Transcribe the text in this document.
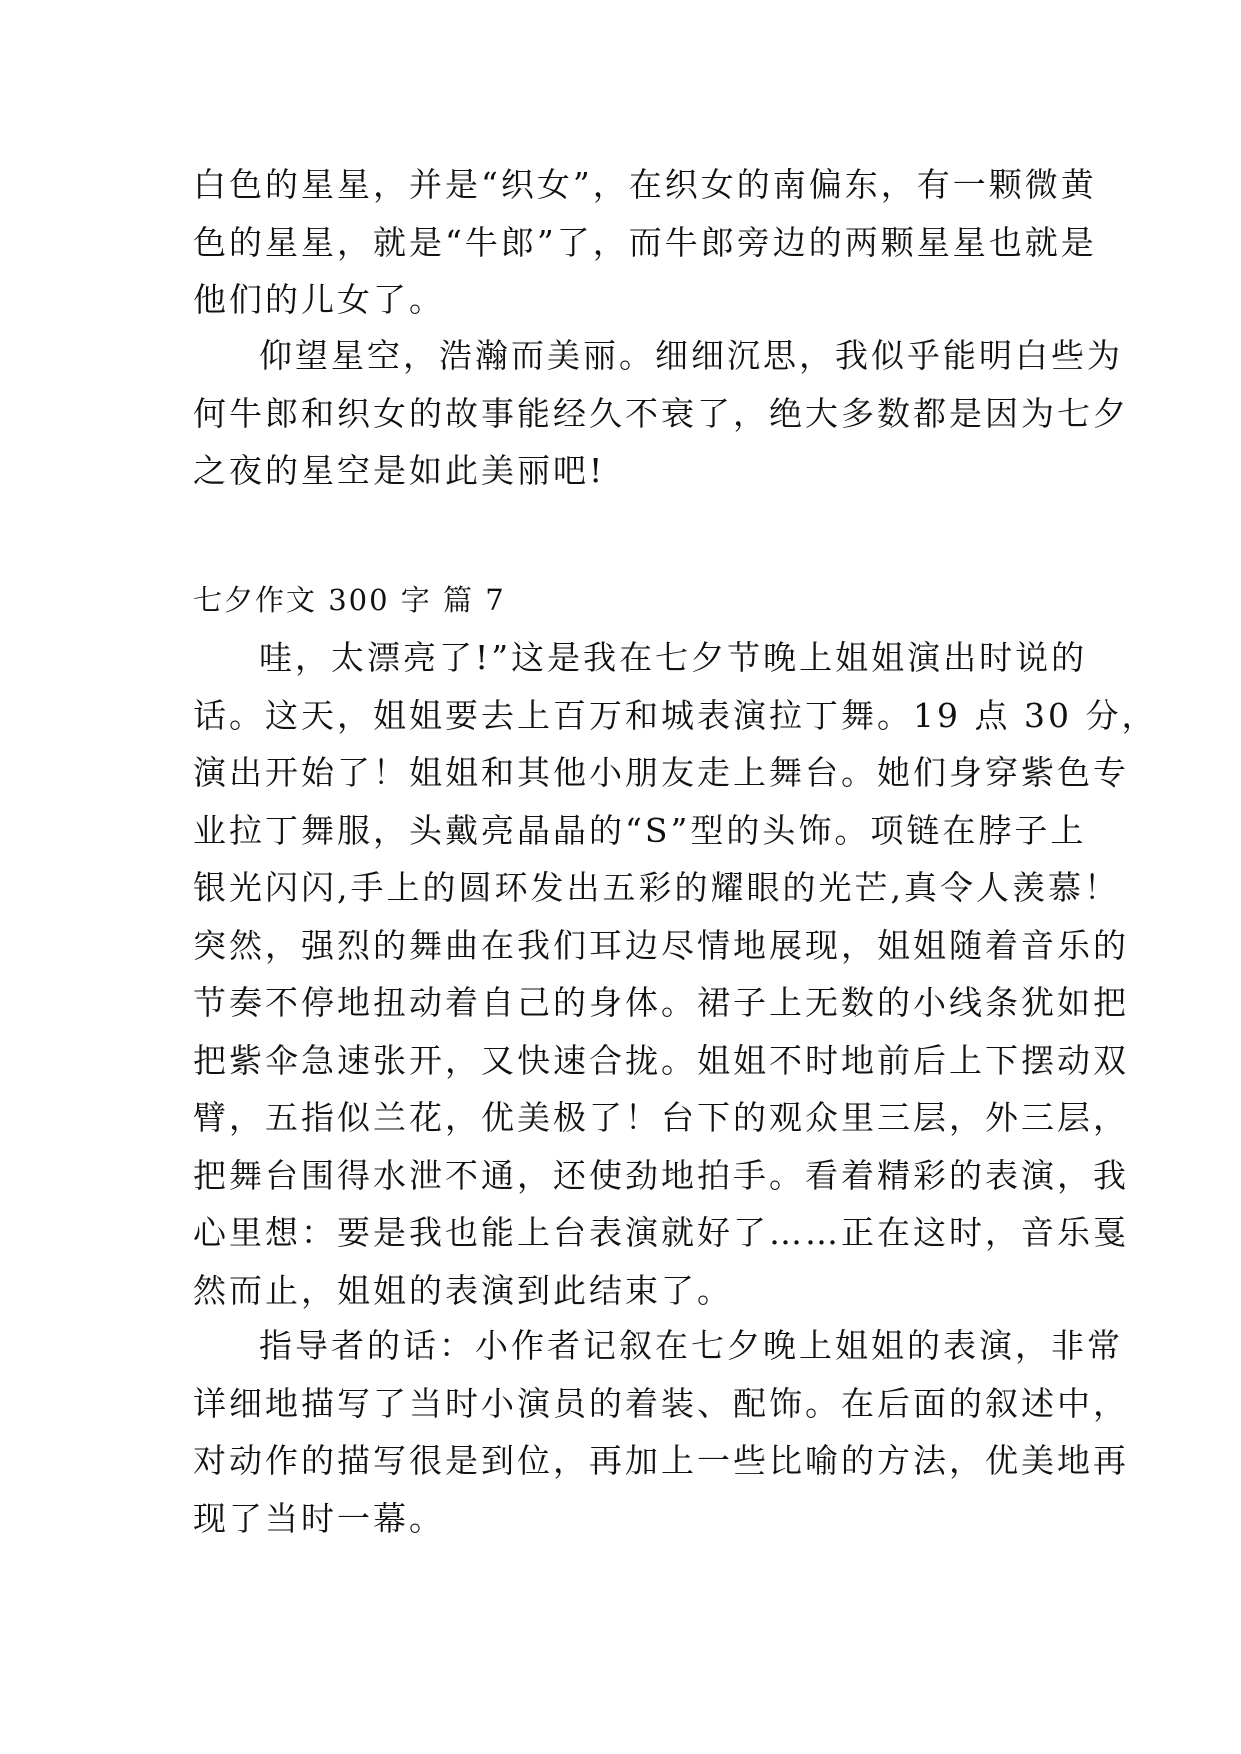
白色的星星，并是“织女”，在织女的南偏东，有一颗微黄
色的星星，就是“牛郎”了，而牛郎旁边的两颗星星也就是
他们的儿女了。
仰望星空，浩瀚而美丽。细细沉思，我似乎能明白些为
何牛郎和织女的故事能经久不衰了，绝大多数都是因为七夕
之夜的星空是如此美丽吧!
七夕作文 300 字 篇 7
哇，太漂亮了!”这是我在七夕节晚上姐姐演出时说的
话。这天，姐姐要去上百万和城表演拉丁舞。19 点 30 分，
演出开始了！姐姐和其他小朋友走上舞台。她们身穿紫色专
业拉丁舞服，头戴亮晶晶的“S”型的头饰。项链在脖子上
银光闪闪,手上的圆环发出五彩的耀眼的光芒,真令人羡慕！
突然，强烈的舞曲在我们耳边尽情地展现，姐姐随着音乐的
节奏不停地扭动着自己的身体。裙子上无数的小线条犹如把
把紫伞急速张开，又快速合拢。姐姐不时地前后上下摆动双
臂，五指似兰花，优美极了！台下的观众里三层，外三层，
把舞台围得水泄不通，还使劲地拍手。看着精彩的表演，我
心里想：要是我也能上台表演就好了……正在这时，音乐戛
然而止，姐姐的表演到此结束了。
指导者的话：小作者记叙在七夕晚上姐姐的表演，非常
详细地描写了当时小演员的着装、配饰。在后面的叙述中，
对动作的描写很是到位，再加上一些比喻的方法，优美地再
现了当时一幕。
